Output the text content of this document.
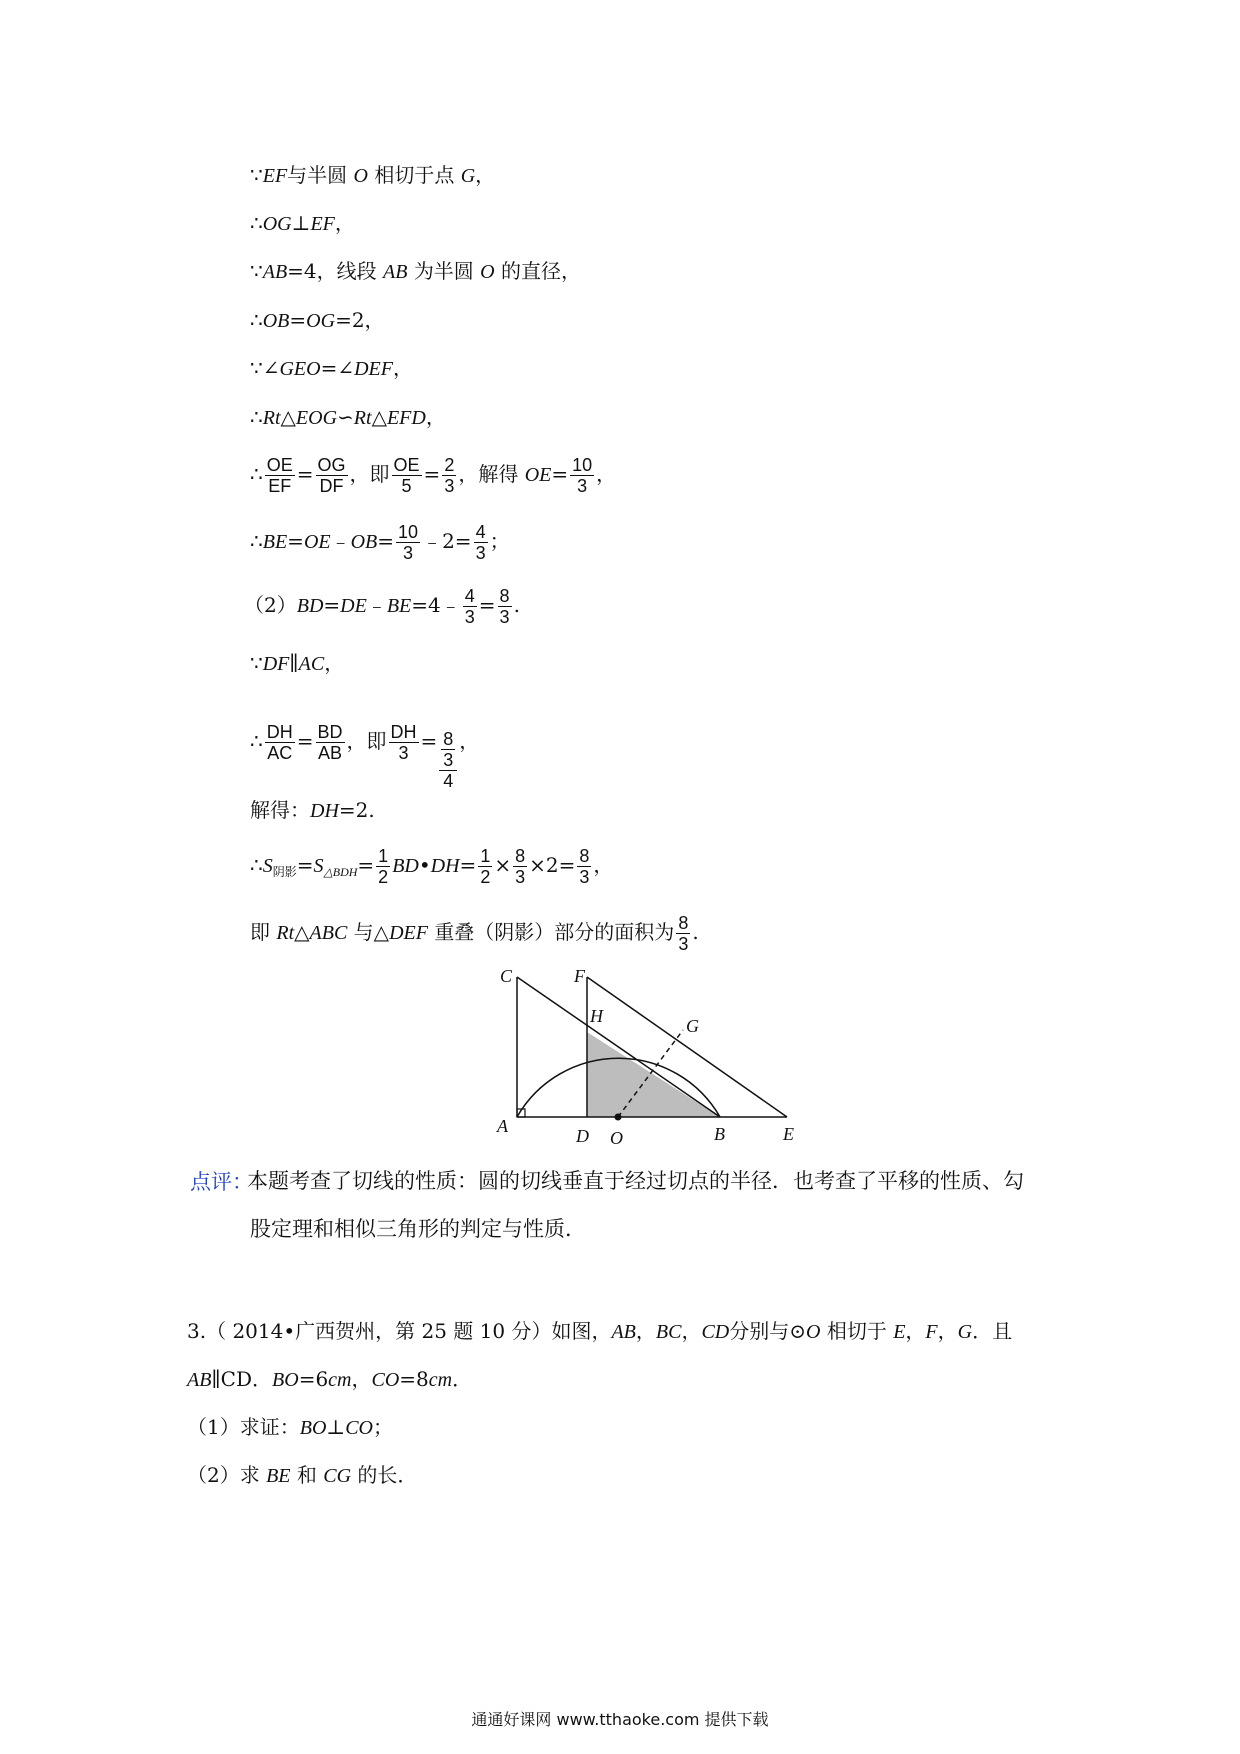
∵EF与半圆 O 相切于点 G，
∴OG⊥EF，
∵AB=4，线段 AB 为半圆 O 的直径，
∴OB=OG=2，
∵∠GEO=∠DEF，
∴Rt△EOG∽Rt△EFD，
∴ $\frac{OE}{EF} = \frac{OG}{DF}$ ，即 $\frac{OE}{5} = \frac{2}{3}$ ，解得 $OE= \frac{10}{3}$ ，
∴BE=OE﹣OB= $\frac{10}{3}$ ﹣2= $\frac{4}{3}$ ；
（2）BD=DE﹣BE=4﹣ $\frac{4}{3} = \frac{8}{3}$ .
∵DF∥AC，
∴ $\frac{DH}{AC} = \frac{BD}{AB}$ ，即 $\frac{DH}{3} = \frac{\frac{8}{3}}{4}$ ，
解得：DH=2.
$\therefore S_{阴影}=S_{\triangle BDH}= \frac{1}{2}$ BD•DH= $\frac{1}{2} \times \frac{8}{3} \times 2= \frac{8}{3}$ ，
即 Rt△ABC 与△DEF 重叠（阴影）部分的面积为 $\frac{8}{3}$ .
C	F
H	G
A	D O	B	E
点评：
本题考查了切线的性质：圆的切线垂直于经过切点的半径．也考查了平移的性质、勾
股定理和相似三角形的判定与性质．
3.（ 2014•广西贺州，第 25 题 10 分）如图，AB，BC，CD分别与⊙O 相切于 E，F，G．且
AB∥CD．BO=6cm，CO=8cm．
（1）求证：BO⊥CO；
（2）求 BE 和 CG 的长．
通通好课网 www.tthaoke.com 提供下载
